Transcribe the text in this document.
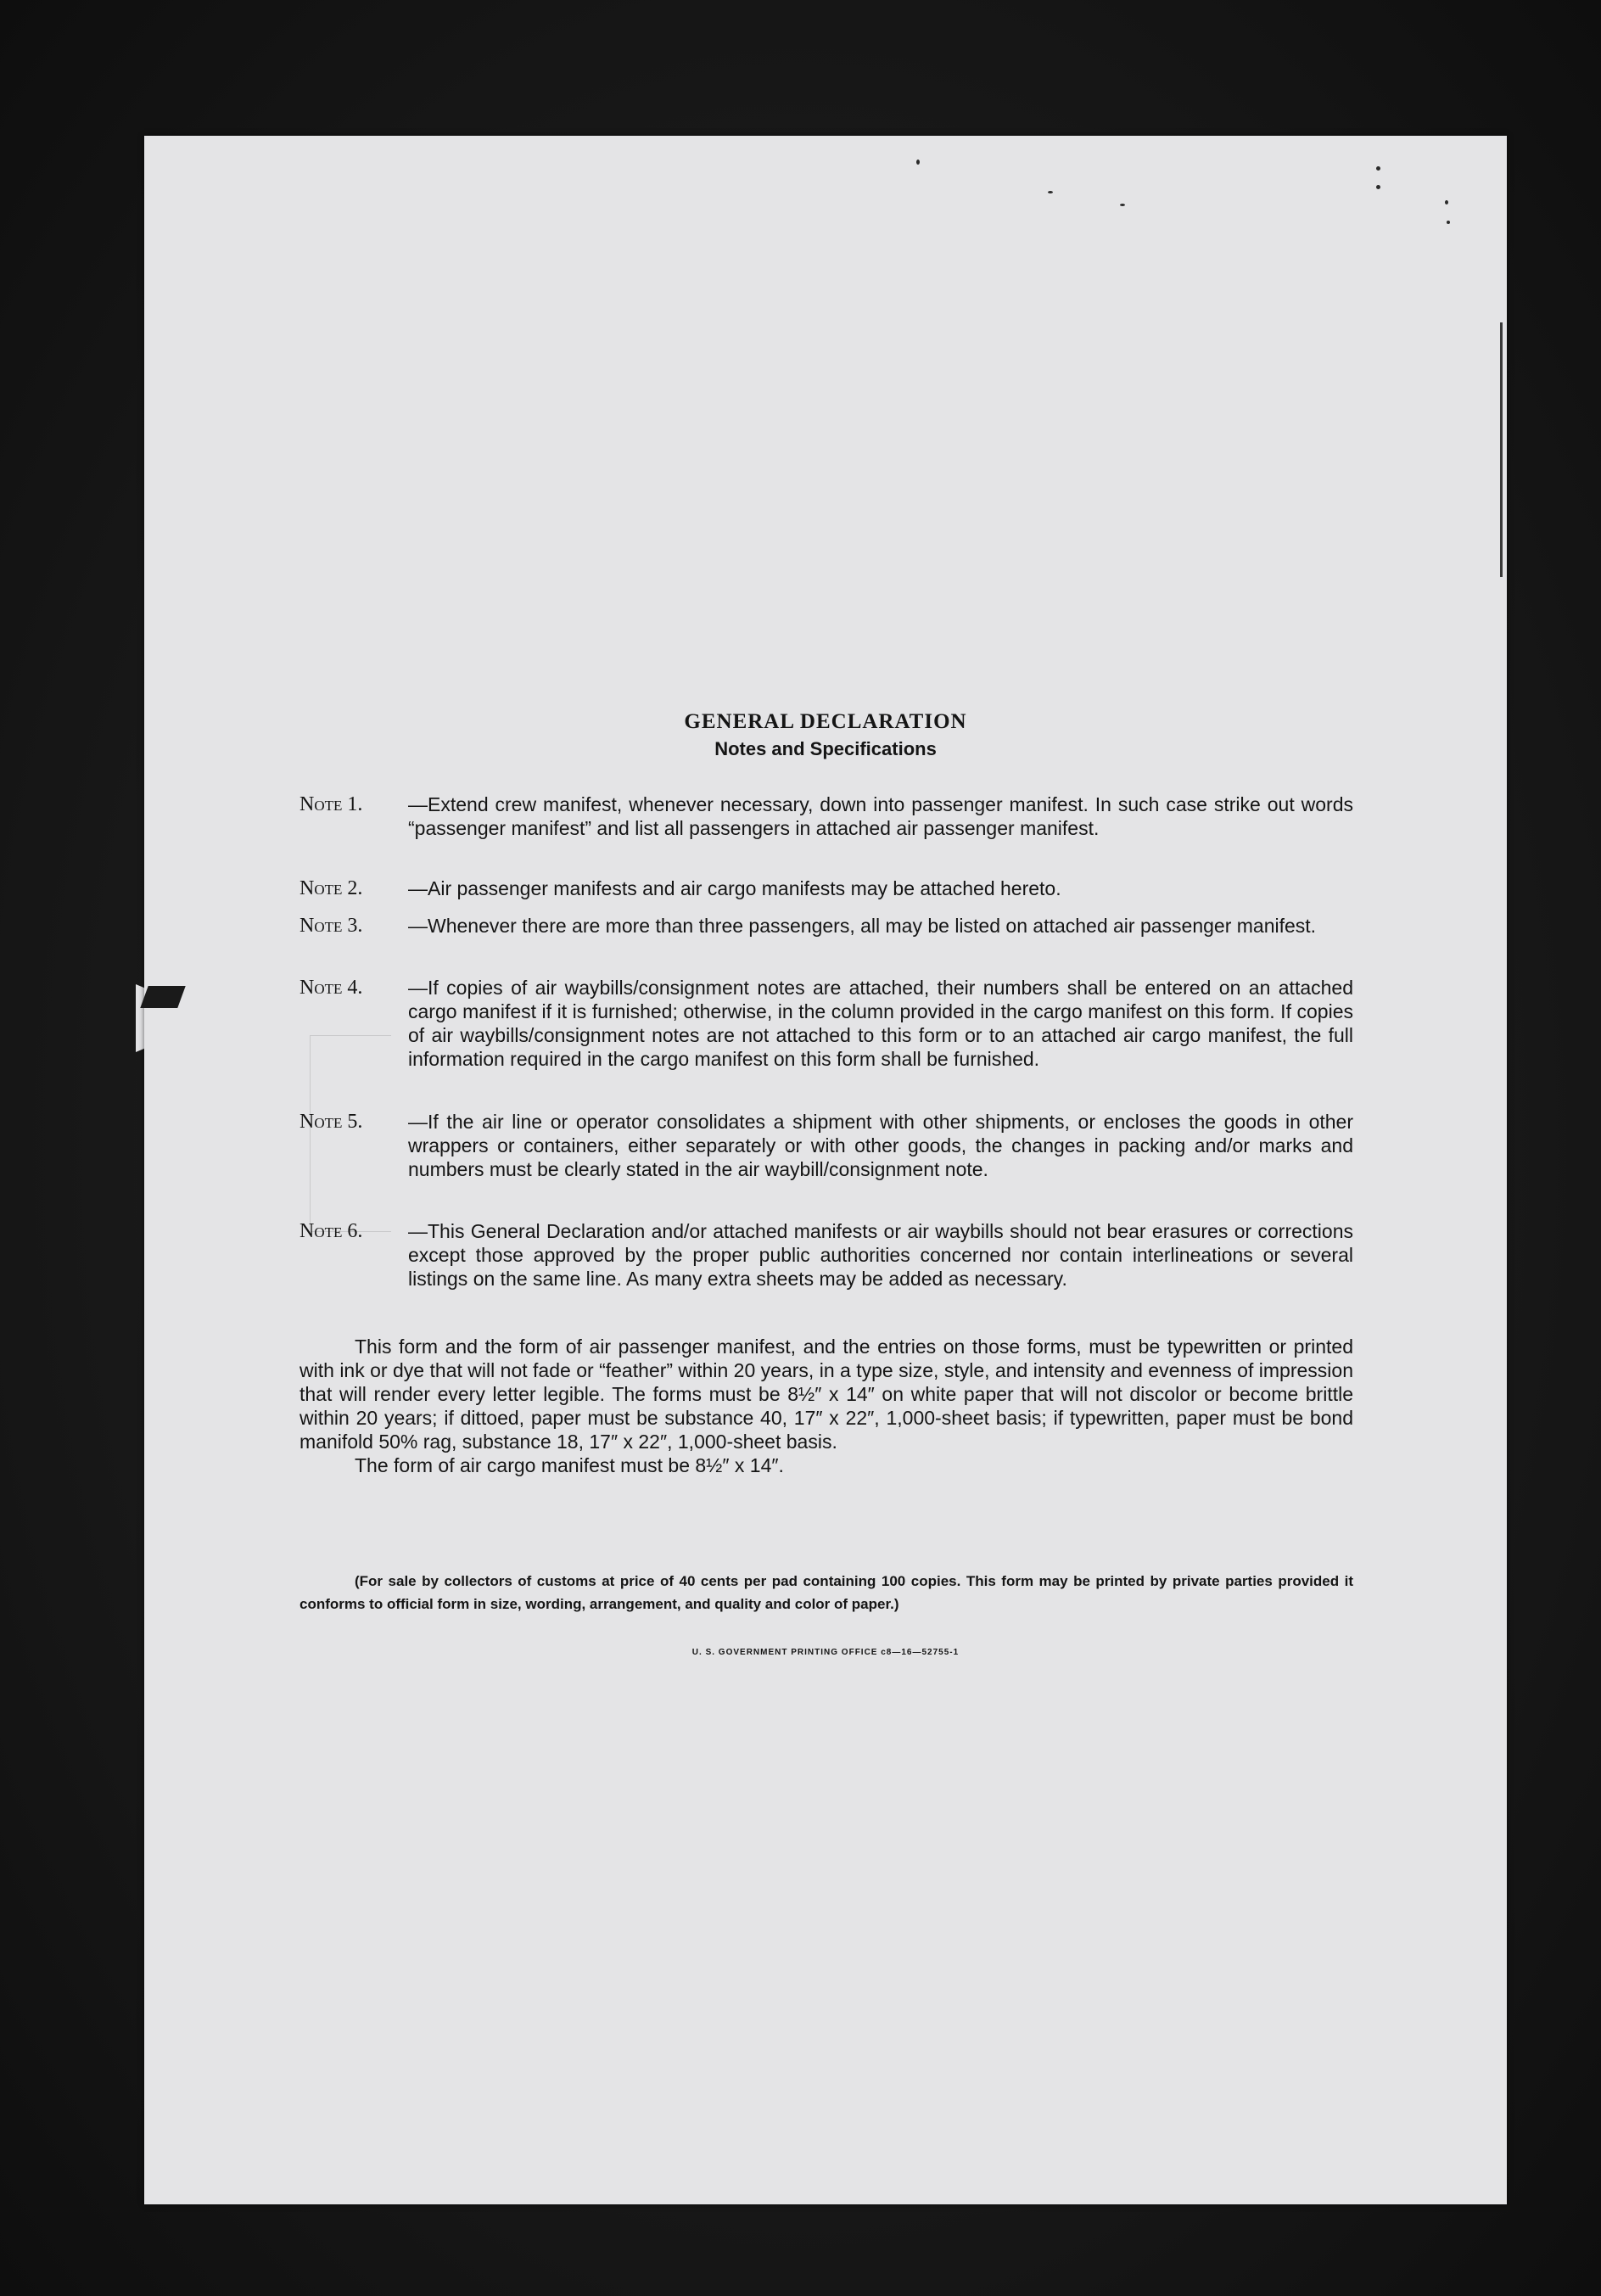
GENERAL DECLARATION
Notes and Specifications
Note 1.	—Extend crew manifest, whenever necessary, down into passenger manifest. In such case strike out words “passenger manifest” and list all passengers in attached air passenger manifest.
Note 2.	—Air passenger manifests and air cargo manifests may be attached hereto.
Note 3.	—Whenever there are more than three passengers, all may be listed on attached air passenger manifest.
Note 4.	—If copies of air waybills/consignment notes are attached, their numbers shall be entered on an attached cargo manifest if it is furnished; otherwise, in the column provided in the cargo manifest on this form. If copies of air waybills/consignment notes are not attached to this form or to an attached air cargo manifest, the full information required in the cargo manifest on this form shall be furnished.
Note 5.	—If the air line or operator consolidates a shipment with other shipments, or encloses the goods in other wrappers or containers, either separately or with other goods, the changes in packing and/or marks and numbers must be clearly stated in the air waybill/consignment note.
Note 6.	—This General Declaration and/or attached manifests or air waybills should not bear erasures or corrections except those approved by the proper public authorities concerned nor contain interlineations or several listings on the same line. As many extra sheets may be added as necessary.
This form and the form of air passenger manifest, and the entries on those forms, must be typewritten or printed with ink or dye that will not fade or “feather” within 20 years, in a type size, style, and intensity and evenness of impression that will render every letter legible. The forms must be 8½″ x 14″ on white paper that will not discolor or become brittle within 20 years; if dittoed, paper must be substance 40, 17″ x 22″, 1,000-sheet basis; if typewritten, paper must be bond manifold 50% rag, substance 18, 17″ x 22″, 1,000-sheet basis.
The form of air cargo manifest must be 8½″ x 14″.
(For sale by collectors of customs at price of 40 cents per pad containing 100 copies. This form may be printed by private parties provided it conforms to official form in size, wording, arrangement, and quality and color of paper.)
U. S. GOVERNMENT PRINTING OFFICE c8—16—52755-1
